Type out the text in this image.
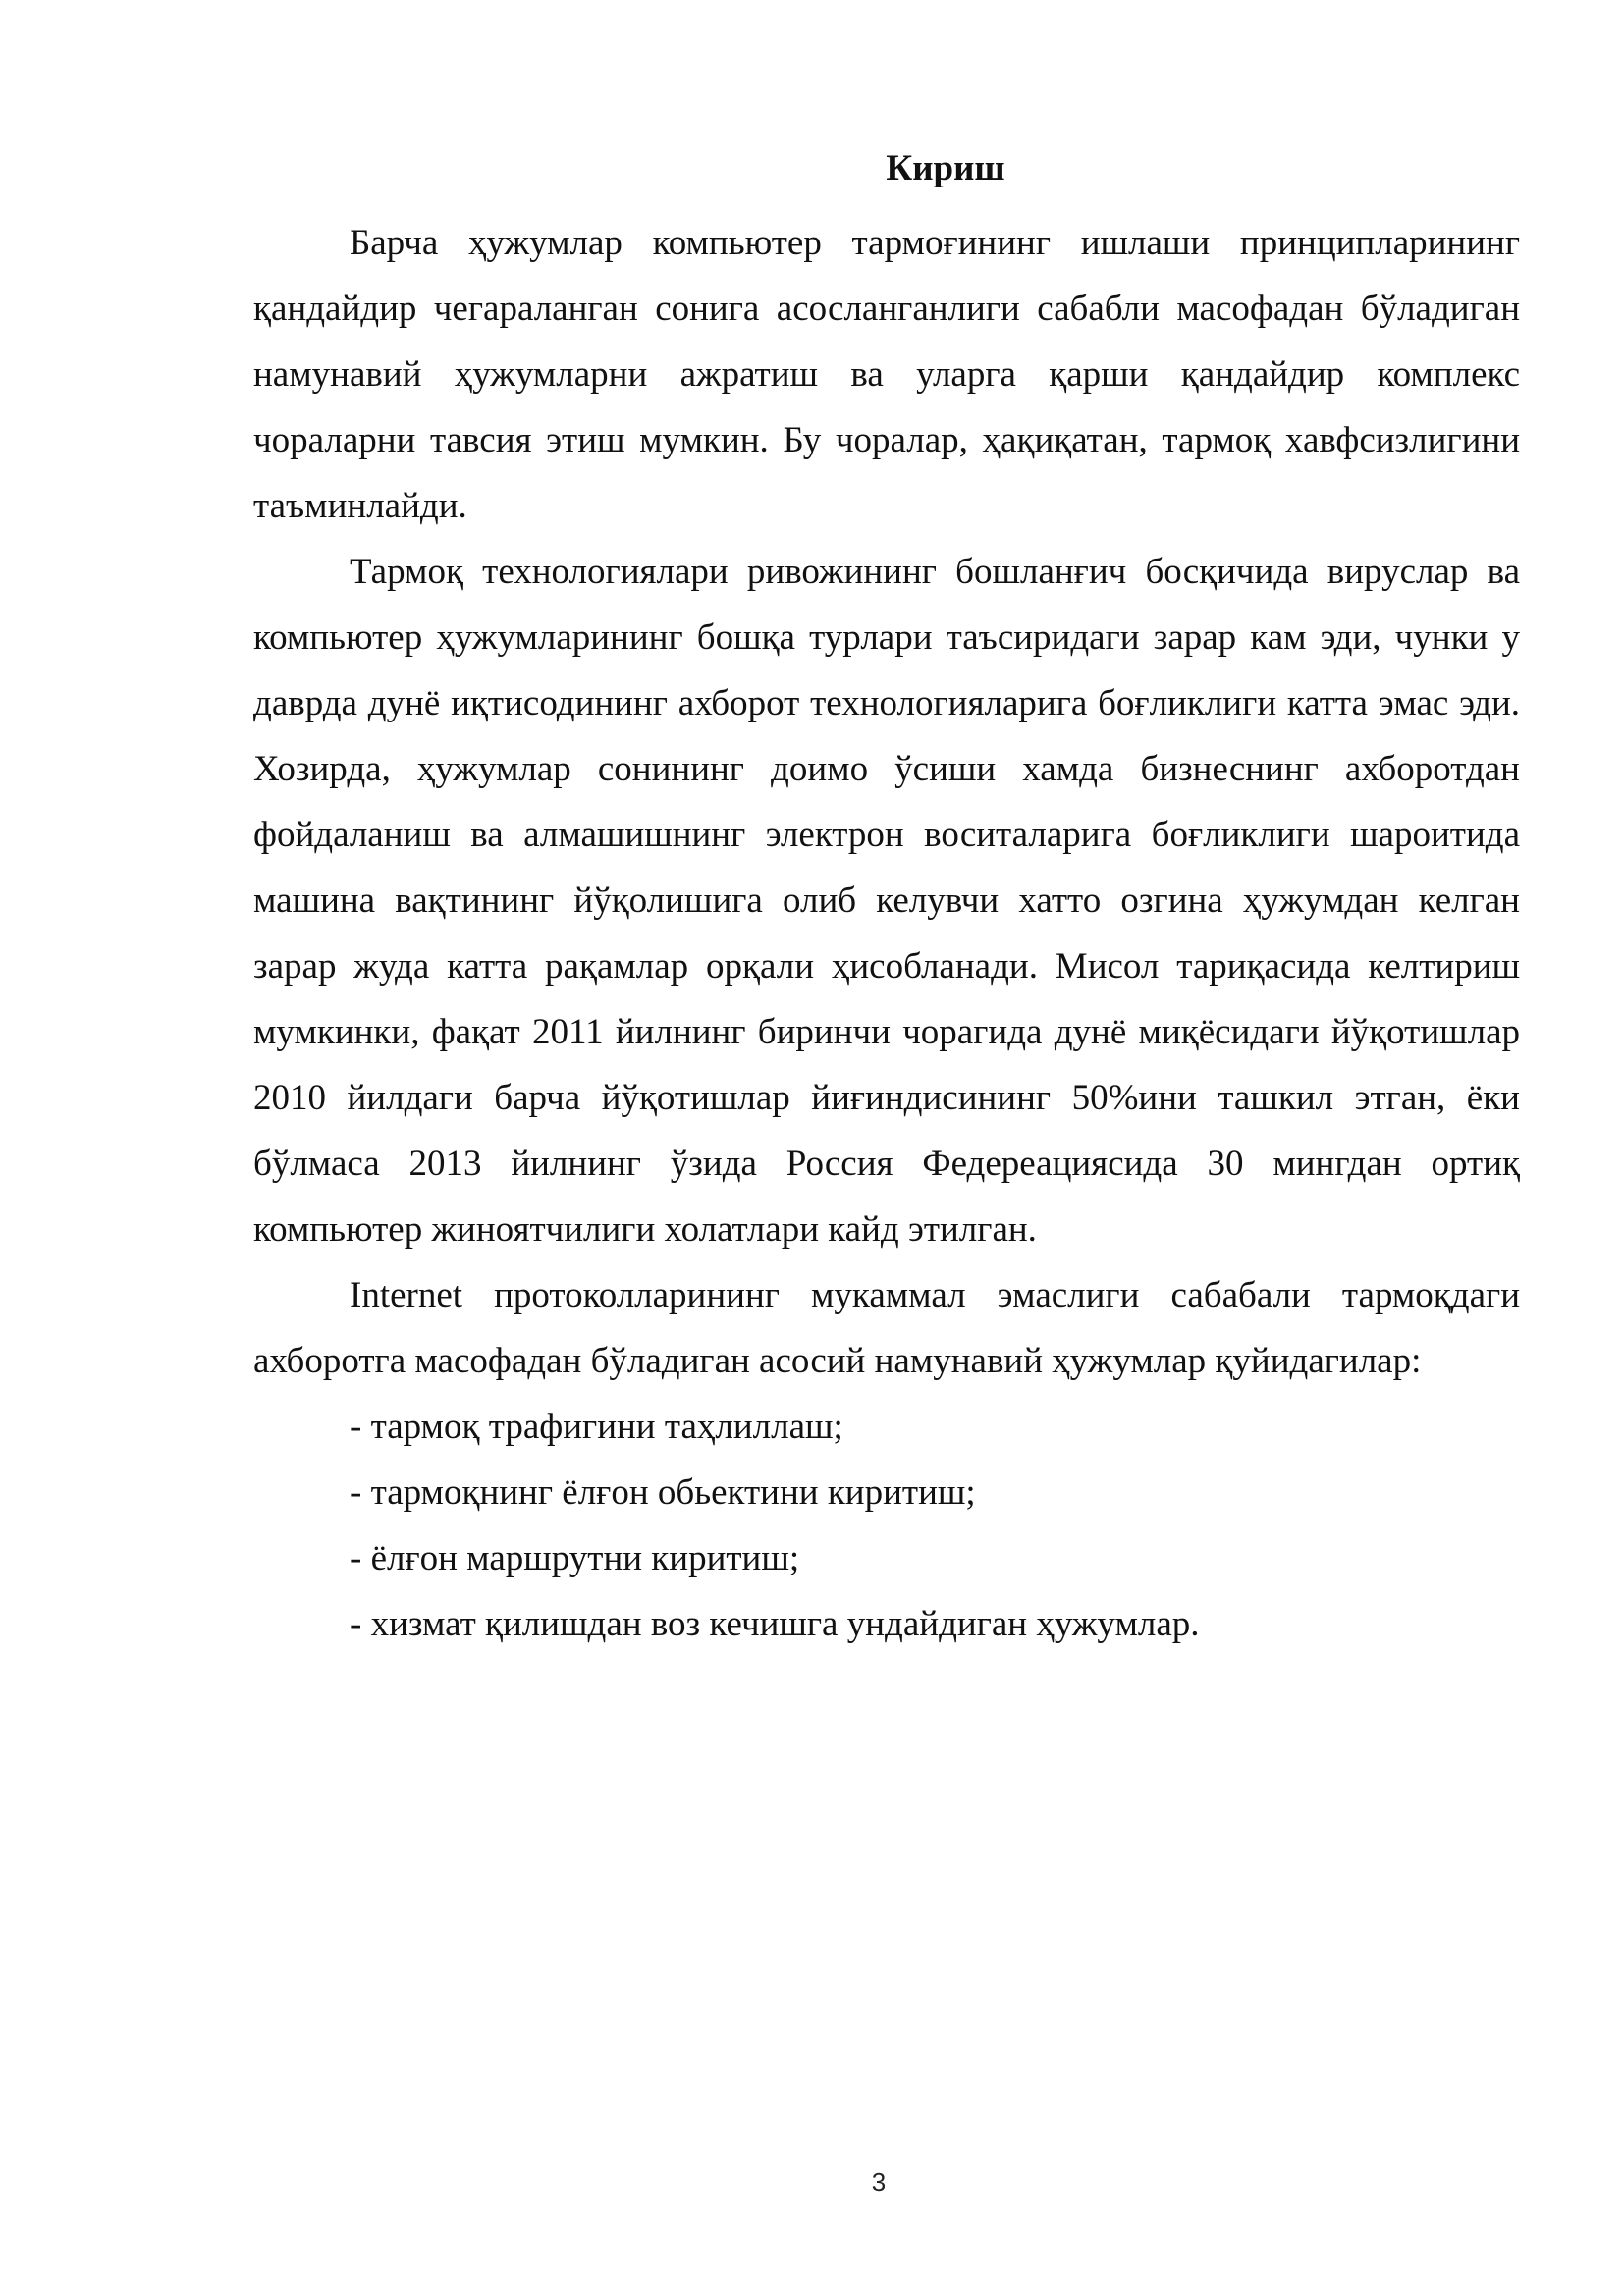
Кириш

Барча ҳужумлар компьютер тармоғининг ишлаши принципларининг қандайдир чегараланган сонига асосланганлиги сабабли масофадан бўладиган намунавий ҳужумларни ажратиш ва уларга қарши қандайдир комплекс чораларни тавсия этиш мумкин. Бу чоралар, ҳақиқатан, тармоқ хавфсизлигини таъминлайди.

Тармоқ технологиялари ривожининг бошланғич босқичида вируслар ва компьютер ҳужумларининг бошқа турлари таъсиридаги зарар кам эди, чунки у даврда дунё иқтисодининг ахборот технологияларига боғликлиги катта эмас эди. Хозирда, ҳужумлар сонининг доимо ўсиши хамда бизнеснинг ахборотдан фойдаланиш ва алмашишнинг электрон воситаларига боғликлиги шароитида машина вақтининг йўқолишига олиб келувчи хатто озгина ҳужумдан келган зарар жуда катта рақамлар орқали ҳисобланади. Мисол тариқасида келтириш мумкинки, фақат 2011 йилнинг биринчи чорагида дунё миқёсидаги йўқотишлар 2010 йилдаги барча йўқотишлар йиғиндисининг 50%ини ташкил этган, ёки бўлмаса 2013 йилнинг ўзида Россия Федереациясида 30 мингдан ортиқ компьютер жиноятчилиги холатлари кайд этилган.

Internet протоколларининг мукаммал эмаслиги сабабали тармоқдаги ахборотга масофадан бўладиган асосий намунавий ҳужумлар қуйидагилар:

- тармоқ трафигини таҳлиллаш;
- тармоқнинг ёлғон обьектини киритиш;
- ёлғон маршрутни киритиш;
- хизмат қилишдан воз кечишга ундайдиган ҳужумлар.
3
